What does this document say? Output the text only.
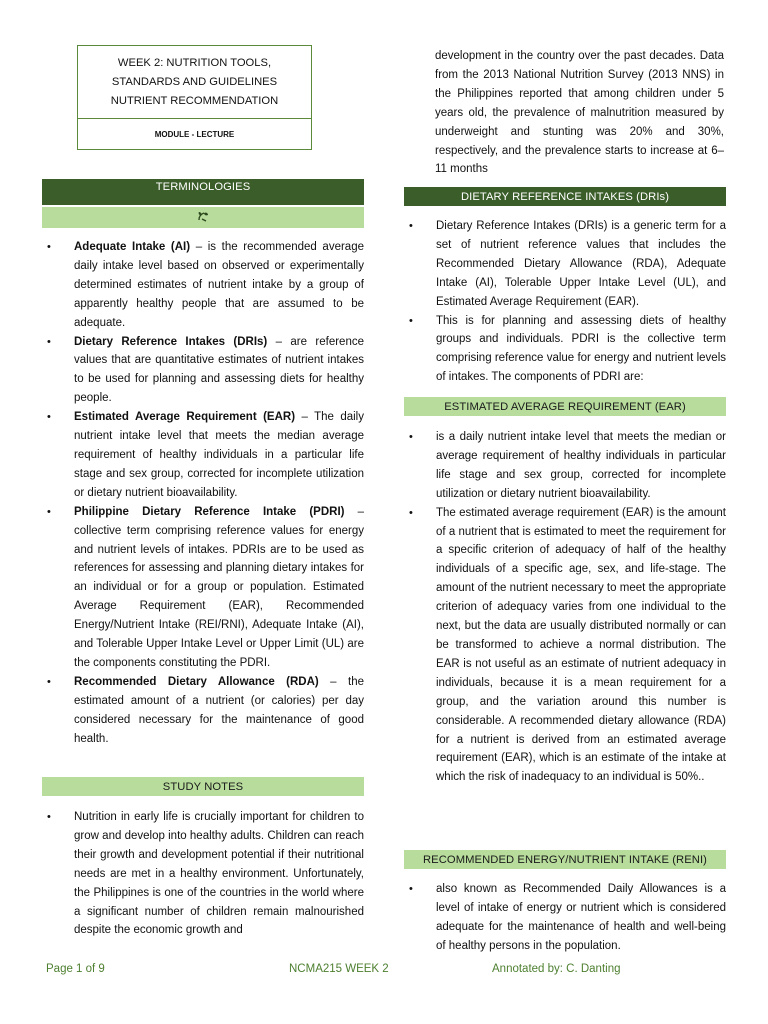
WEEK 2: NUTRITION TOOLS, STANDARDS AND GUIDELINES NUTRIENT RECOMMENDATION
MODULE - LECTURE
TERMINOLOGIES
• Adequate Intake (AI) – is the recommended average daily intake level based on observed or experimentally determined estimates of nutrient intake by a group of apparently healthy people that are assumed to be adequate.
• Dietary Reference Intakes (DRIs) – are reference values that are quantitative estimates of nutrient intakes to be used for planning and assessing diets for healthy people.
• Estimated Average Requirement (EAR) – The daily nutrient intake level that meets the median average requirement of healthy individuals in a particular life stage and sex group, corrected for incomplete utilization or dietary nutrient bioavailability.
• Philippine Dietary Reference Intake (PDRI) – collective term comprising reference values for energy and nutrient levels of intakes. PDRIs are to be used as references for assessing and planning dietary intakes for an individual or for a group or population. Estimated Average Requirement (EAR), Recommended Energy/Nutrient Intake (REI/RNI), Adequate Intake (AI), and Tolerable Upper Intake Level or Upper Limit (UL) are the components constituting the PDRI.
• Recommended Dietary Allowance (RDA) – the estimated amount of a nutrient (or calories) per day considered necessary for the maintenance of good health.
STUDY NOTES
• Nutrition in early life is crucially important for children to grow and develop into healthy adults. Children can reach their growth and development potential if their nutritional needs are met in a healthy environment. Unfortunately, the Philippines is one of the countries in the world where a significant number of children remain malnourished despite the economic growth and
development in the country over the past decades. Data from the 2013 National Nutrition Survey (2013 NNS) in the Philippines reported that among children under 5 years old, the prevalence of malnutrition measured by underweight and stunting was 20% and 30%, respectively, and the prevalence starts to increase at 6–11 months
DIETARY REFERENCE INTAKES (DRIs)
• Dietary Reference Intakes (DRIs) is a generic term for a set of nutrient reference values that includes the Recommended Dietary Allowance (RDA), Adequate Intake (AI), Tolerable Upper Intake Level (UL), and Estimated Average Requirement (EAR).
• This is for planning and assessing diets of healthy groups and individuals. PDRI is the collective term comprising reference value for energy and nutrient levels of intakes. The components of PDRI are:
ESTIMATED AVERAGE REQUIREMENT (EAR)
• is a daily nutrient intake level that meets the median or average requirement of healthy individuals in particular life stage and sex group, corrected for incomplete utilization or dietary nutrient bioavailability.
• The estimated average requirement (EAR) is the amount of a nutrient that is estimated to meet the requirement for a specific criterion of adequacy of half of the healthy individuals of a specific age, sex, and life-stage. The amount of the nutrient necessary to meet the appropriate criterion of adequacy varies from one individual to the next, but the data are usually distributed normally or can be transformed to achieve a normal distribution. The EAR is not useful as an estimate of nutrient adequacy in individuals, because it is a mean requirement for a group, and the variation around this number is considerable. A recommended dietary allowance (RDA) for a nutrient is derived from an estimated average requirement (EAR), which is an estimate of the intake at which the risk of inadequacy to an individual is 50%..
RECOMMENDED ENERGY/NUTRIENT INTAKE (RENI)
• also known as Recommended Daily Allowances is a level of intake of energy or nutrient which is considered adequate for the maintenance of health and well-being of healthy persons in the population.
Page 1 of 9	NCMA215 WEEK 2	Annotated by: C. Danting
